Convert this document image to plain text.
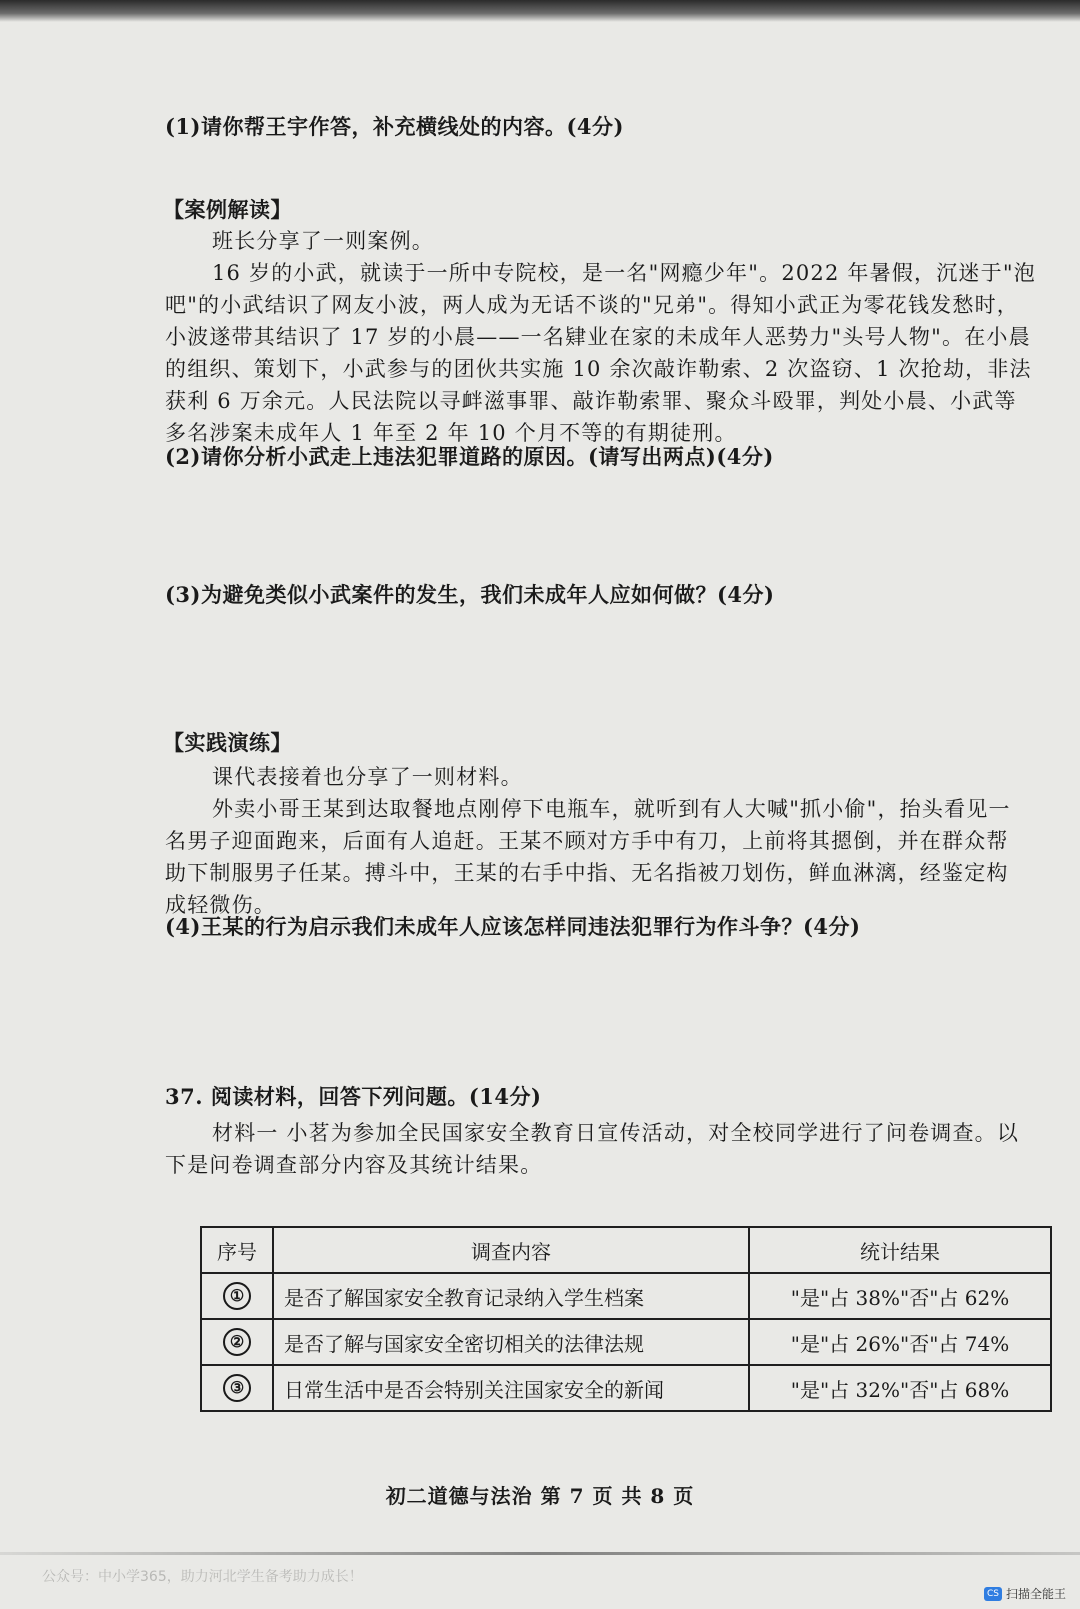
(1)请你帮王宇作答，补充横线处的内容。(4分)
【案例解读】
班长分享了一则案例。
16 岁的小武，就读于一所中专院校，是一名"网瘾少年"。2022 年暑假，沉迷于"泡
吧"的小武结识了网友小波，两人成为无话不谈的"兄弟"。得知小武正为零花钱发愁时，
小波遂带其结识了 17 岁的小晨——一名肄业在家的未成年人恶势力"头号人物"。在小晨
的组织、策划下，小武参与的团伙共实施 10 余次敲诈勒索、2 次盗窃、1 次抢劫，非法
获利 6 万余元。人民法院以寻衅滋事罪、敲诈勒索罪、聚众斗殴罪，判处小晨、小武等
多名涉案未成年人 1 年至 2 年 10 个月不等的有期徒刑。
(2)请你分析小武走上违法犯罪道路的原因。(请写出两点)(4分)
(3)为避免类似小武案件的发生，我们未成年人应如何做？(4分)
【实践演练】
课代表接着也分享了一则材料。
外卖小哥王某到达取餐地点刚停下电瓶车，就听到有人大喊"抓小偷"，抬头看见一
名男子迎面跑来，后面有人追赶。王某不顾对方手中有刀，上前将其摁倒，并在群众帮
助下制服男子任某。搏斗中，王某的右手中指、无名指被刀划伤，鲜血淋漓，经鉴定构
成轻微伤。
(4)王某的行为启示我们未成年人应该怎样同违法犯罪行为作斗争？(4分)
37. 阅读材料，回答下列问题。(14分)
材料一 小茗为参加全民国家安全教育日宣传活动，对全校同学进行了问卷调查。以
下是问卷调查部分内容及其统计结果。
序号	调查内容	统计结果
①	是否了解国家安全教育记录纳入学生档案	"是"占 38%"否"占 62%
②	是否了解与国家安全密切相关的法律法规	"是"占 26%"否"占 74%
③	日常生活中是否会特别关注国家安全的新闻	"是"占 32%"否"占 68%
初二道德与法治 第 7 页 共 8 页
公众号：中小学365，助力河北学生备考助力成长！
CS 扫描全能王
